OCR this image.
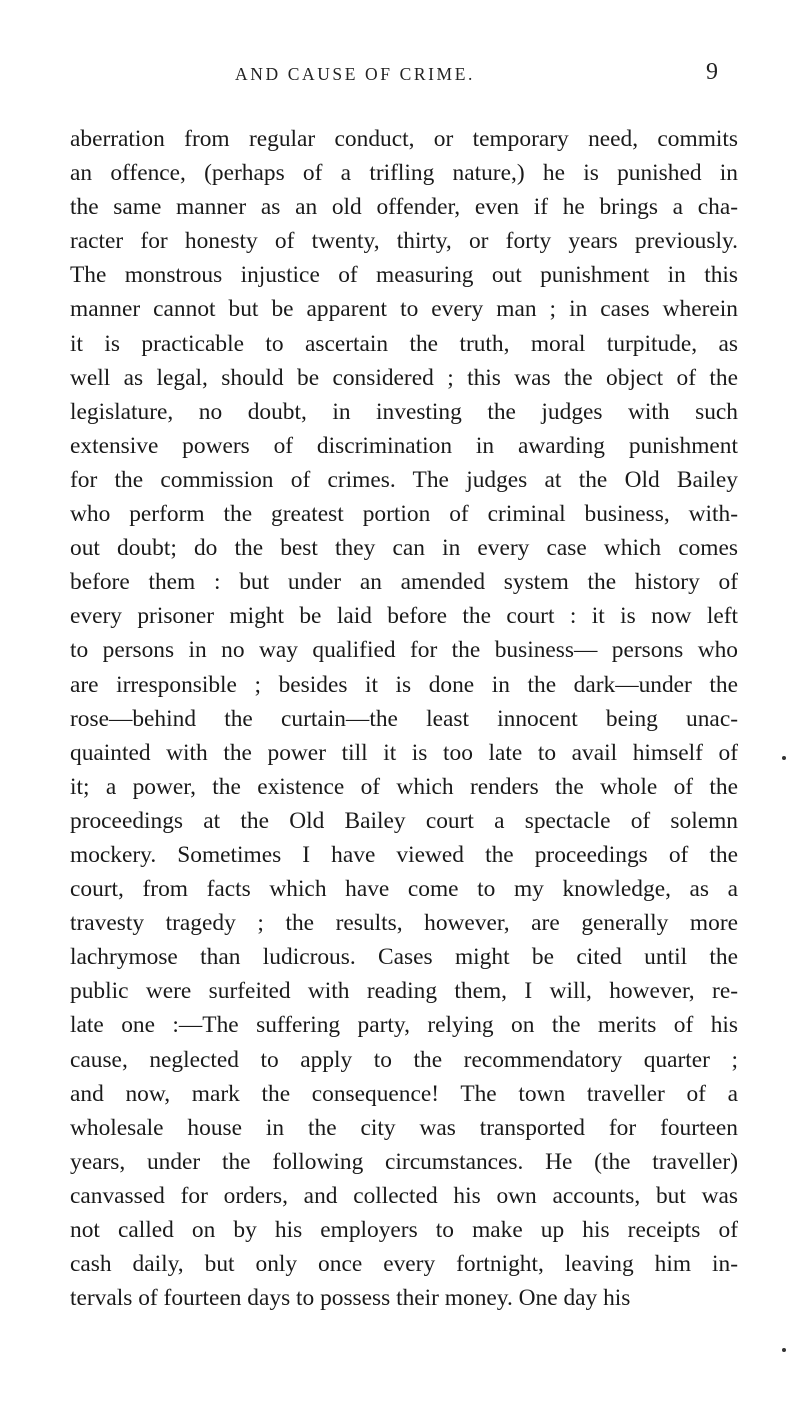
AND CAUSE OF CRIME.	9
aberration from regular conduct, or temporary need, commits
an offence, (perhaps of a trifling nature,) he is punished in
the same manner as an old offender, even if he brings a cha-
racter for honesty of twenty, thirty, or forty years previously.
The monstrous injustice of measuring out punishment in this
manner cannot but be apparent to every man ; in cases wherein
it is practicable to ascertain the truth, moral turpitude, as
well as legal, should be considered ; this was the object of the
legislature, no doubt, in investing the judges with such
extensive powers of discrimination in awarding punishment
for the commission of crimes. The judges at the Old Bailey
who perform the greatest portion of criminal business, with-
out doubt; do the best they can in every case which comes
before them : but under an amended system the history of
every prisoner might be laid before the court : it is now left
to persons in no way qualified for the business— persons who
are irresponsible ; besides it is done in the dark—under the
rose—behind the curtain—the least innocent being unac-
quainted with the power till it is too late to avail himself of
it; a power, the existence of which renders the whole of the
proceedings at the Old Bailey court a spectacle of solemn
mockery. Sometimes I have viewed the proceedings of the
court, from facts which have come to my knowledge, as a
travesty tragedy ; the results, however, are generally more
lachrymose than ludicrous. Cases might be cited until the
public were surfeited with reading them, I will, however, re-
late one :—The suffering party, relying on the merits of his
cause, neglected to apply to the recommendatory quarter ;
and now, mark the consequence! The town traveller of a
wholesale house in the city was transported for fourteen
years, under the following circumstances. He (the traveller)
canvassed for orders, and collected his own accounts, but was
not called on by his employers to make up his receipts of
cash daily, but only once every fortnight, leaving him in-
tervals of fourteen days to possess their money. One day his
